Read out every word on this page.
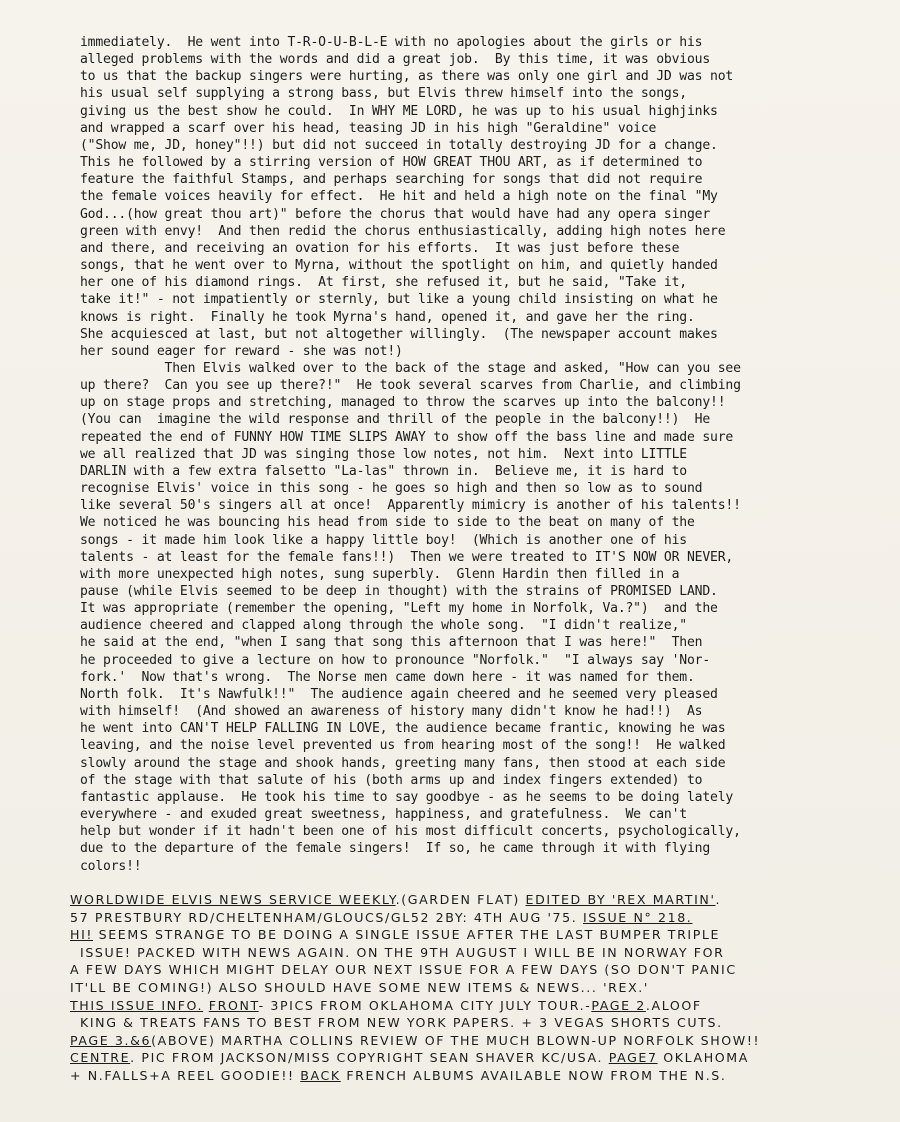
immediately.  He went into T-R-O-U-B-L-E with no apologies about the girls or his
alleged problems with the words and did a great job.  By this time, it was obvious
to us that the backup singers were hurting, as there was only one girl and JD was not
his usual self supplying a strong bass, but Elvis threw himself into the songs,
giving us the best show he could.  In WHY ME LORD, he was up to his usual highjinks
and wrapped a scarf over his head, teasing JD in his high "Geraldine" voice
("Show me, JD, honey"!!) but did not succeed in totally destroying JD for a change.
This he followed by a stirring version of HOW GREAT THOU ART, as if determined to
feature the faithful Stamps, and perhaps searching for songs that did not require
the female voices heavily for effect.  He hit and held a high note on the final "My
God...(how great thou art)" before the chorus that would have had any opera singer
green with envy!  And then redid the chorus enthusiastically, adding high notes here
and there, and receiving an ovation for his efforts.  It was just before these
songs, that he went over to Myrna, without the spotlight on him, and quietly handed
her one of his diamond rings.  At first, she refused it, but he said, "Take it,
take it!" - not impatiently or sternly, but like a young child insisting on what he
knows is right.  Finally he took Myrna's hand, opened it, and gave her the ring.
She acquiesced at last, but not altogether willingly.  (The newspaper account makes
her sound eager for reward - she was not!)
Then Elvis walked over to the back of the stage and asked, "How can you see
up there?  Can you see up there?!"  He took several scarves from Charlie, and climbing
up on stage props and stretching, managed to throw the scarves up into the balcony!!
(You can  imagine the wild response and thrill of the people in the balcony!!)  He
repeated the end of FUNNY HOW TIME SLIPS AWAY to show off the bass line and made sure
we all realized that JD was singing those low notes, not him.  Next into LITTLE
DARLIN with a few extra falsetto "La-las" thrown in.  Believe me, it is hard to
recognise Elvis' voice in this song - he goes so high and then so low as to sound
like several 50's singers all at once!  Apparently mimicry is another of his talents!!
We noticed he was bouncing his head from side to side to the beat on many of the
songs - it made him look like a happy little boy!  (Which is another one of his
talents - at least for the female fans!!)  Then we were treated to IT'S NOW OR NEVER,
with more unexpected high notes, sung superbly.  Glenn Hardin then filled in a
pause (while Elvis seemed to be deep in thought) with the strains of PROMISED LAND.
It was appropriate (remember the opening, "Left my home in Norfolk, Va.?")  and the
audience cheered and clapped along through the whole song.  "I didn't realize,"
he said at the end, "when I sang that song this afternoon that I was here!"  Then
he proceeded to give a lecture on how to pronounce "Norfolk."  "I always say 'Nor-
fork.'  Now that's wrong.  The Norse men came down here - it was named for them.
North folk.  It's Nawfulk!!"  The audience again cheered and he seemed very pleased
with himself!  (And showed an awareness of history many didn't know he had!!)  As
he went into CAN'T HELP FALLING IN LOVE, the audience became frantic, knowing he was
leaving, and the noise level prevented us from hearing most of the song!!  He walked
slowly around the stage and shook hands, greeting many fans, then stood at each side
of the stage with that salute of his (both arms up and index fingers extended) to
fantastic applause.  He took his time to say goodbye - as he seems to be doing lately
everywhere - and exuded great sweetness, happiness, and gratefulness.  We can't
help but wonder if it hadn't been one of his most difficult concerts, psychologically,
due to the departure of the female singers!  If so, he came through it with flying
colors!!
WORLDWIDE ELVIS NEWS SERVICE WEEKLY.(GARDEN FLAT) EDITED BY 'REX MARTIN'.
57 PRESTBURY RD/CHELTENHAM/GLOUCS/GL52 2BY: 4TH AUG '75. ISSUE N° 218.
HI! SEEMS STRANGE TO BE DOING A SINGLE ISSUE AFTER THE LAST BUMPER TRIPLE
ISSUE! PACKED WITH NEWS AGAIN. ON THE 9TH AUGUST I WILL BE IN NORWAY FOR
A FEW DAYS WHICH MIGHT DELAY OUR NEXT ISSUE FOR A FEW DAYS (SO DON'T PANIC
IT'LL BE COMING!) ALSO SHOULD HAVE SOME NEW ITEMS & NEWS... 'REX.'
THIS ISSUE INFO. FRONT- 3PICS FROM OKLAHOMA CITY JULY TOUR.-PAGE 2.ALOOF
KING & TREATS FANS TO BEST FROM NEW YORK PAPERS. + 3 VEGAS SHORTS CUTS.
PAGE 3.&6(ABOVE) MARTHA COLLINS REVIEW OF THE MUCH BLOWN-UP NORFOLK SHOW!!
CENTRE. PIC FROM JACKSON/MISS COPYRIGHT SEAN SHAVER KC/USA. PAGE7 OKLAHOMA
+ N.FALLS+A REEL GOODIE!! BACK FRENCH ALBUMS AVAILABLE NOW FROM THE N.S.
